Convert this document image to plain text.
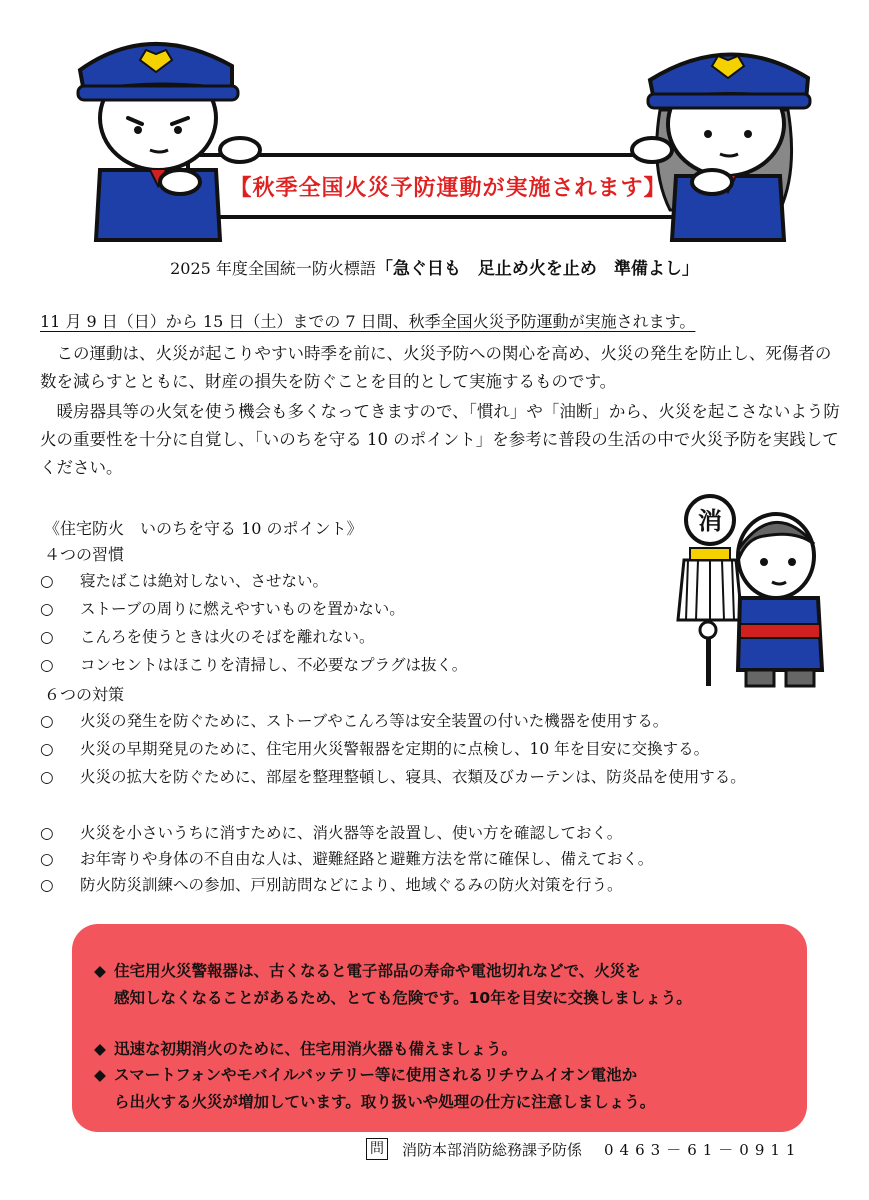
【秋季全国火災予防運動が実施されます】
2025 年度全国統一防火標語「急ぐ日も　足止め火を止め　準備よし」
11 月 9 日（日）から 15 日（土）までの 7 日間、秋季全国火災予防運動が実施されます。
この運動は、火災が起こりやすい時季を前に、火災予防への関心を高め、火災の発生を防止し、死傷者の数を減らすとともに、財産の損失を防ぐことを目的として実施するものです。
暖房器具等の火気を使う機会も多くなってきますので、「慣れ」や「油断」から、火災を起こさないよう防火の重要性を十分に自覚し、「いのちを守る 10 のポイント」を参考に普段の生活の中で火災予防を実践してください。
《住宅防火　いのちを守る 10 のポイント》
４つの習慣
○	寝たばこは絶対しない、させない。
○	ストーブの周りに燃えやすいものを置かない。
○	こんろを使うときは火のそばを離れない。
○	コンセントはほこりを清掃し、不必要なプラグは抜く。
６つの対策
○	火災の発生を防ぐために、ストーブやこんろ等は安全装置の付いた機器を使用する。
○	火災の早期発見のために、住宅用火災警報器を定期的に点検し、10 年を目安に交換する。
○	火災の拡大を防ぐために、部屋を整理整頓し、寝具、衣類及びカーテンは、防炎品を使用する。
○	火災を小さいうちに消すために、消火器等を設置し、使い方を確認しておく。
○	お年寄りや身体の不自由な人は、避難経路と避難方法を常に確保し、備えておく。
○	防火防災訓練への参加、戸別訪問などにより、地域ぐるみの防火対策を行う。
消
◆ 住宅用火災警報器は、古くなると電子部品の寿命や電池切れなどで、火災を
感知しなくなることがあるため、とても危険です。10年を目安に交換しましょう。
◆ 迅速な初期消火のために、住宅用消火器も備えましょう。
◆ スマートフォンやモバイルバッテリー等に使用されるリチウムイオン電池か
ら出火する火災が増加しています。取り扱いや処理の仕方に注意しましょう。
問 消防本部消防総務課予防係 0463－61－0911
